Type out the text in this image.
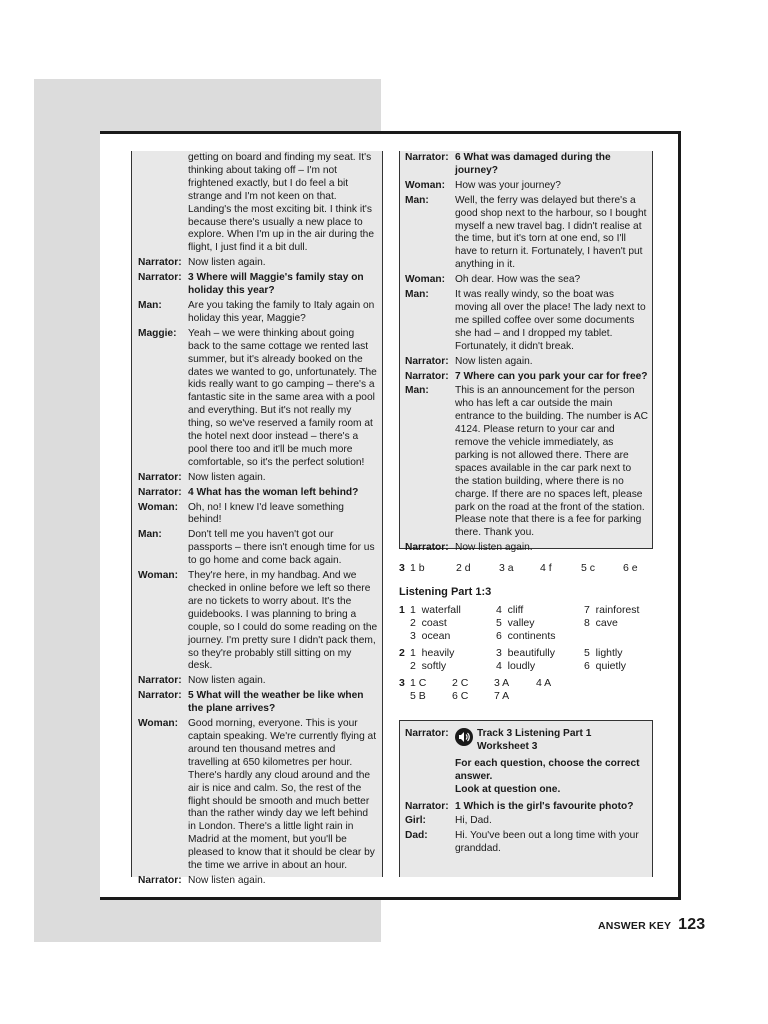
getting on board and finding my seat. It's thinking about taking off – I'm not frightened exactly, but I do feel a bit strange and I'm not keen on that. Landing's the most exciting bit. I think it's because there's usually a new place to explore. When I'm up in the air during the flight, I just find it a bit dull.
Narrator: Now listen again.
Narrator: 3 Where will Maggie's family stay on holiday this year?
Man:	Are you taking the family to Italy again on holiday this year, Maggie?
Maggie:	Yeah – we were thinking about going back to the same cottage we rented last summer, but it's already booked on the dates we wanted to go, unfortunately. The kids really want to go camping – there's a fantastic site in the same area with a pool and everything. But it's not really my thing, so we've reserved a family room at the hotel next door instead – there's a pool there too and it'll be much more comfortable, so it's the perfect solution!
Narrator: Now listen again.
Narrator: 4 What has the woman left behind?
Woman: Oh, no! I knew I'd leave something behind!
Man:	Don't tell me you haven't got our passports – there isn't enough time for us to go home and come back again.
Woman: They're here, in my handbag. And we checked in online before we left so there are no tickets to worry about. It's the guidebooks. I was planning to bring a couple, so I could do some reading on the journey. I'm pretty sure I didn't pack them, so they're probably still sitting on my desk.
Narrator: Now listen again.
Narrator: 5 What will the weather be like when the plane arrives?
Woman: Good morning, everyone. This is your captain speaking. We're currently flying at around ten thousand metres and travelling at 650 kilometres per hour. There's hardly any cloud around and the air is nice and calm. So, the rest of the flight should be smooth and much better than the rather windy day we left behind in London. There's a little light rain in Madrid at the moment, but you'll be pleased to know that it should be clear by the time we arrive in about an hour.
Narrator: Now listen again.
Narrator: 6 What was damaged during the journey?
Woman: How was your journey?
Man:	Well, the ferry was delayed but there's a good shop next to the harbour, so I bought myself a new travel bag. I didn't realise at the time, but it's torn at one end, so I'll have to return it. Fortunately, I haven't put anything in it.
Woman: Oh dear. How was the sea?
Man:	It was really windy, so the boat was moving all over the place! The lady next to me spilled coffee over some documents she had – and I dropped my tablet. Fortunately, it didn't break.
Narrator: Now listen again.
Narrator: 7 Where can you park your car for free?
Man:	This is an announcement for the person who has left a car outside the main entrance to the building. The number is AC 4124. Please return to your car and remove the vehicle immediately, as parking is not allowed there. There are spaces available in the car park next to the station building, where there is no charge. If there are no spaces left, please park on the road at the front of the station. Please note that there is a fee for parking there. Thank you.
Narrator: Now listen again.
3 1 b	2 d	3 a	4 f	5 c	6 e
Listening Part 1:3
1 1  waterfall	4  cliff	7  rainforest
2  coast	5  valley	8  cave
3  ocean	6  continents
2 1  heavily	3  beautifully	5  lightly
2  softly	4  loudly	6  quietly
3 1 C	2 C	3 A	4 A
5 B	6 C	7 A
Narrator:	Track 3 Listening Part 1
Worksheet 3
For each question, choose the correct answer.
Look at question one.
Narrator: 1 Which is the girl's favourite photo?
Girl:	Hi, Dad.
Dad:	Hi. You've been out a long time with your granddad.
ANSWER KEY 123
